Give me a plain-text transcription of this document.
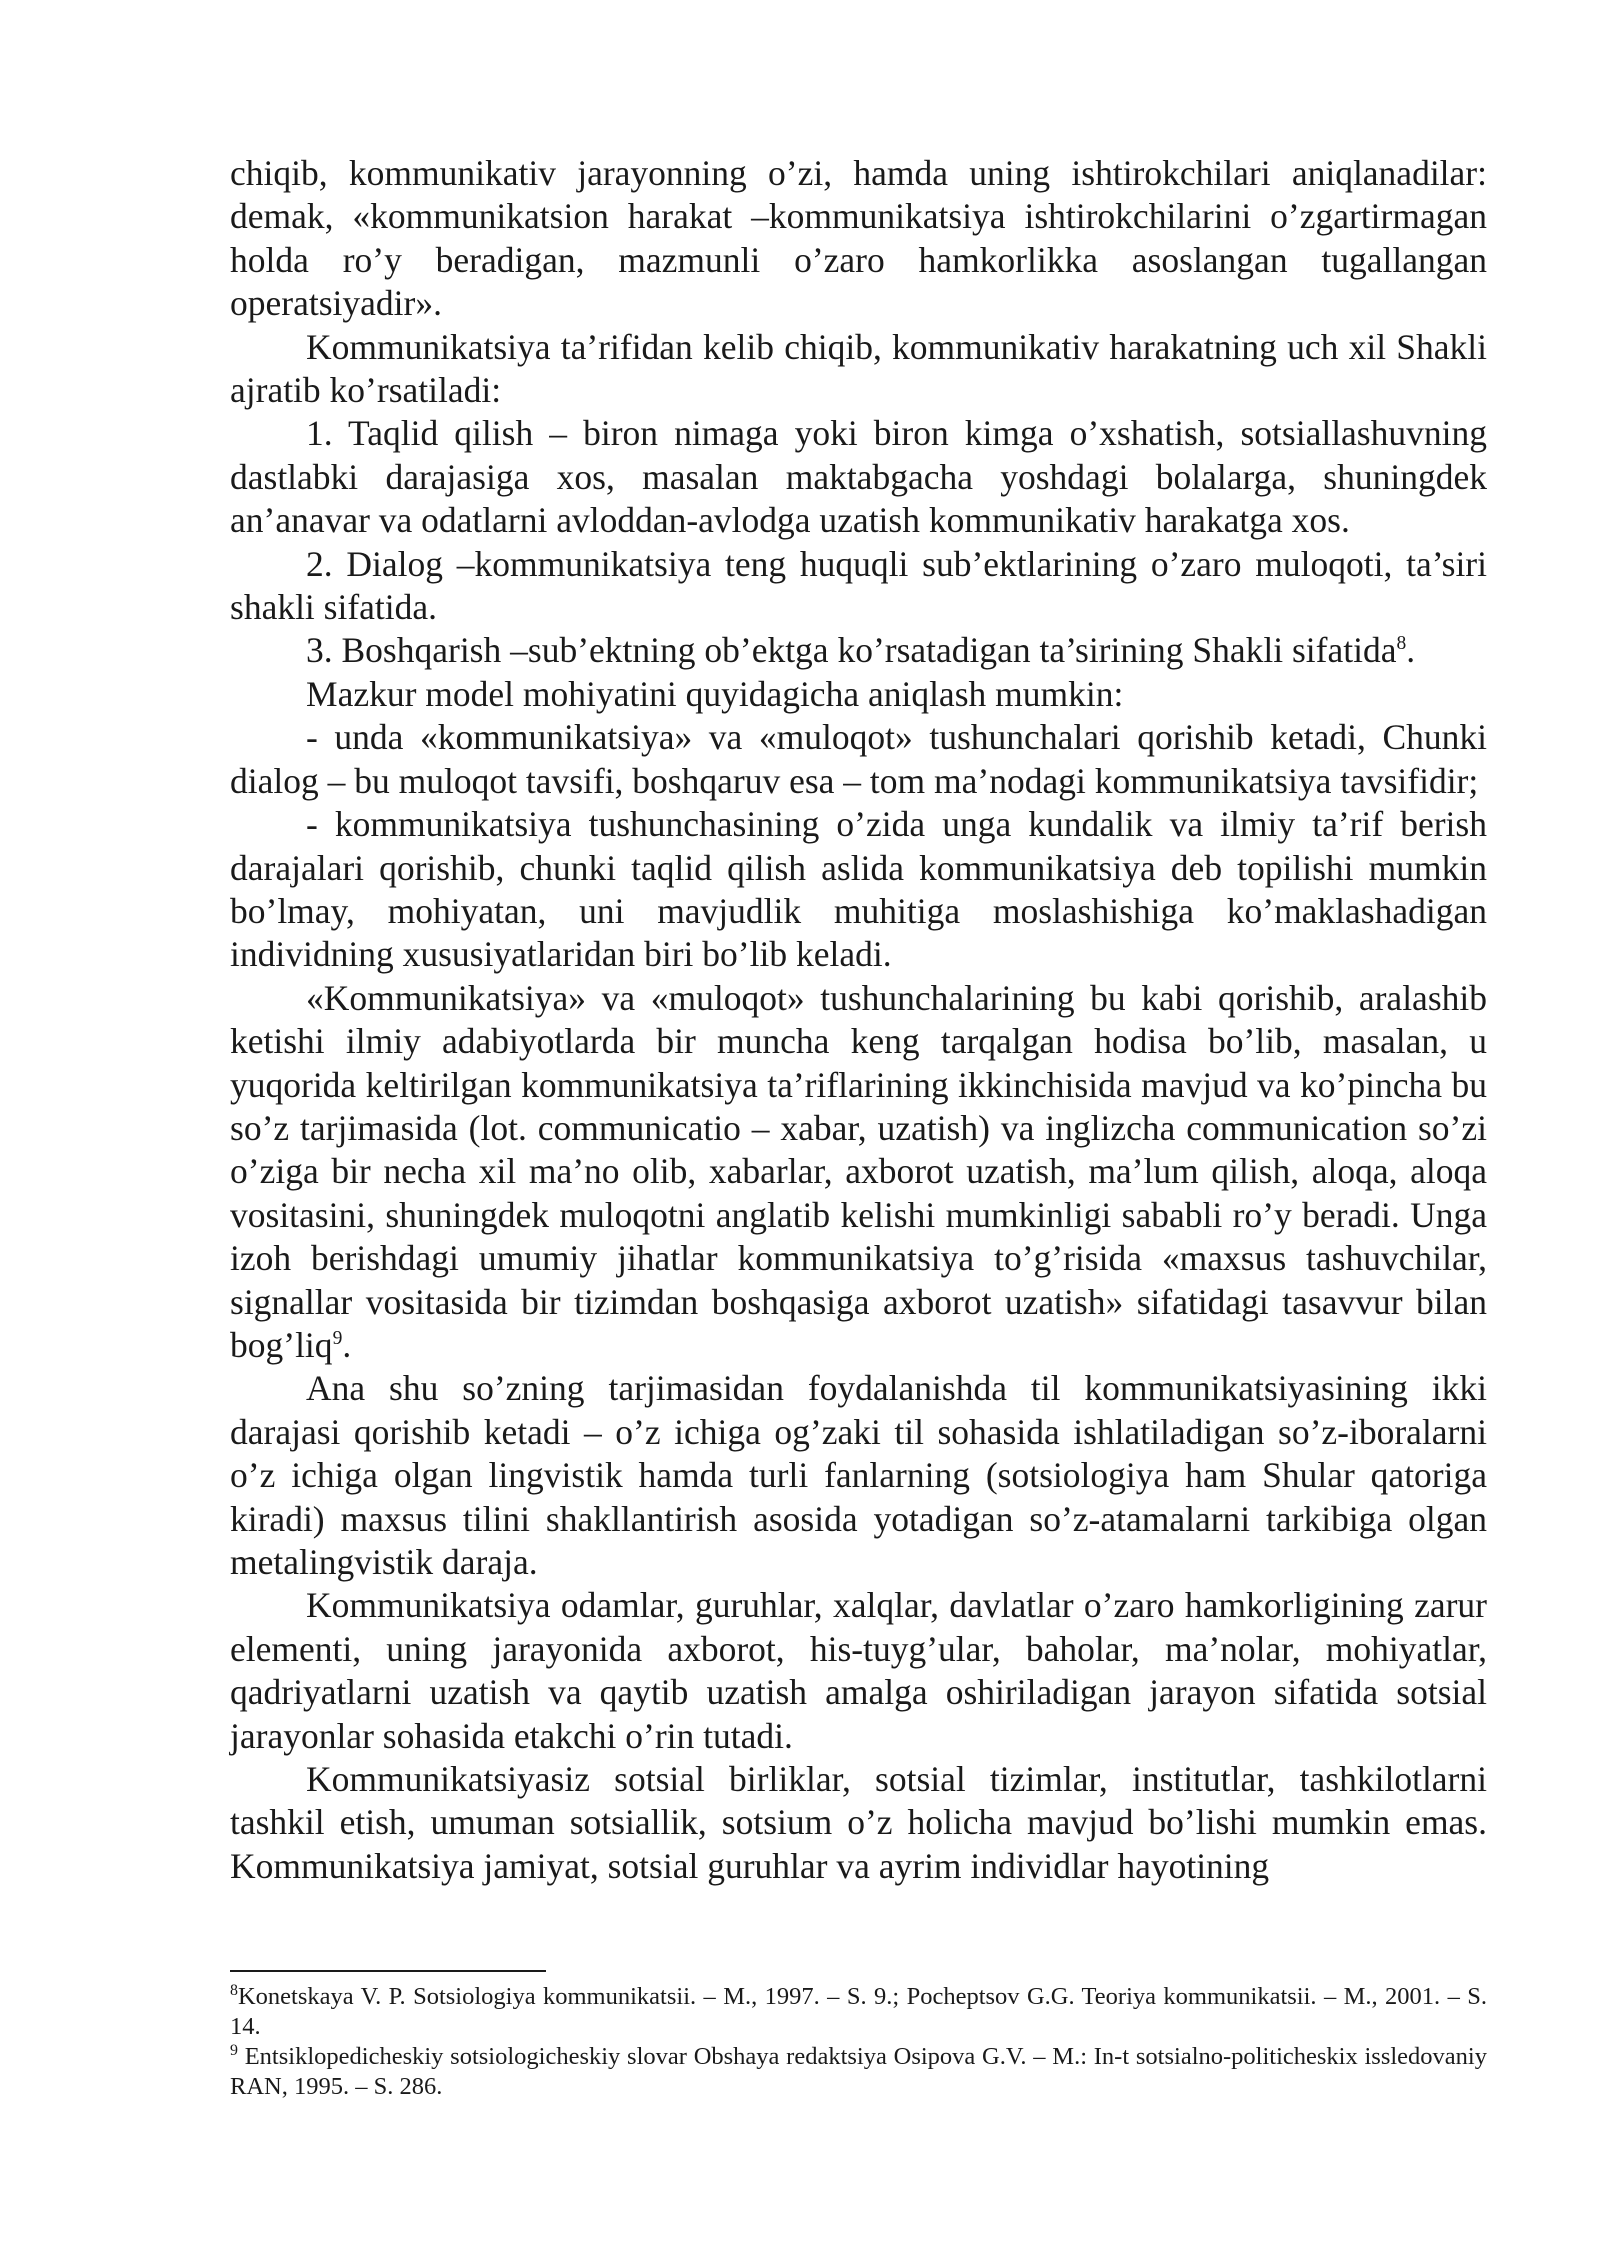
chiqib, kommunikativ jarayonning o’zi, hamda uning ishtirokchilari aniqlanadilar: demak, «kommunikatsion harakat –kommunikatsiya ishtirokchilarini o’zgartirmagan holda ro’y beradigan, mazmunli o’zaro hamkorlikka asoslangan tugallangan operatsiyadir».

Kommunikatsiya ta’rifidan kelib chiqib, kommunikativ harakatning uch xil Shakli ajratib ko’rsatiladi:

1. Taqlid qilish – biron nimaga yoki biron kimga o’xshatish, sotsiallashuvning dastlabki darajasiga xos, masalan maktabgacha yoshdagi bolalarga, shuningdek an’anavar va odatlarni avloddan-avlodga uzatish kommunikativ harakatga xos.

2. Dialog –kommunikatsiya teng huquqli sub’ektlarining o’zaro muloqoti, ta’siri shakli sifatida.

3. Boshqarish –sub’ektning ob’ektga ko’rsatadigan ta’sirining Shakli sifatida$^8$.

Mazkur model mohiyatini quyidagicha aniqlash mumkin:

- unda «kommunikatsiya» va «muloqot» tushunchalari qorishib ketadi, Chunki dialog – bu muloqot tavsifi, boshqaruv esa – tom ma’nodagi kommunikatsiya tavsifidir;

- kommunikatsiya tushunchasining o’zida unga kundalik va ilmiy ta’rif berish darajalari qorishib, chunki taqlid qilish aslida kommunikatsiya deb topilishi mumkin bo’lmay, mohiyatan, uni mavjudlik muhitiga moslashishiga ko’maklashadigan individning xususiyatlaridan biri bo’lib keladi.

«Kommunikatsiya» va «muloqot» tushunchalarining bu kabi qorishib, aralashib ketishi ilmiy adabiyotlarda bir muncha keng tarqalgan hodisa bo’lib, masalan, u yuqorida keltirilgan kommunikatsiya ta’riflarining ikkinchisida mavjud va ko’pincha bu so’z tarjimasida (lot. communicatio – xabar, uzatish) va inglizcha communication so’zi o’ziga bir necha xil ma’no olib, xabarlar, axborot uzatish, ma’lum qilish, aloqa, aloqa vositasini, shuningdek muloqotni anglatib kelishi mumkinligi sababli ro’y beradi. Unga izoh berishdagi umumiy jihatlar kommunikatsiya to’g’risida «maxsus tashuvchilar, signallar vositasida bir tizimdan boshqasiga axborot uzatish» sifatidagi tasavvur bilan bog’liq$^9$.

Ana shu so’zning tarjimasidan foydalanishda til kommunikatsiyasining ikki darajasi qorishib ketadi – o’z ichiga og’zaki til sohasida ishlatiladigan so’z-iboralarni o’z ichiga olgan lingvistik hamda turli fanlarning (sotsiologiya ham Shular qatoriga kiradi) maxsus tilini shakllantirish asosida yotadigan so’z-atamalarni tarkibiga olgan metalingvistik daraja.

Kommunikatsiya odamlar, guruhlar, xalqlar, davlatlar o’zaro hamkorligining zarur elementi, uning jarayonida axborot, his-tuyg’ular, baholar, ma’nolar, mohiyatlar, qadriyatlarni uzatish va qaytib uzatish amalga oshiriladigan jarayon sifatida sotsial jarayonlar sohasida etakchi o’rin tutadi.

Kommunikatsiyasiz sotsial birliklar, sotsial tizimlar, institutlar, tashkilotlarni tashkil etish, umuman sotsiallik, sotsium o’z holicha mavjud bo’lishi mumkin emas. Kommunikatsiya jamiyat, sotsial guruhlar va ayrim individlar hayotining

$^8$Konetskaya V. P. Sotsiologiya kommunikatsii. – M., 1997. – S. 9.; Pocheptsov G.G. Teoriya kommunikatsii. – M., 2001. – S. 14.

$^9$ Entsiklopedicheskiy sotsiologicheskiy slovar Obshaya redaktsiya Osipova G.V. – M.: In-t sotsialno-politicheskix issledovaniy RAN, 1995. – S. 286.
